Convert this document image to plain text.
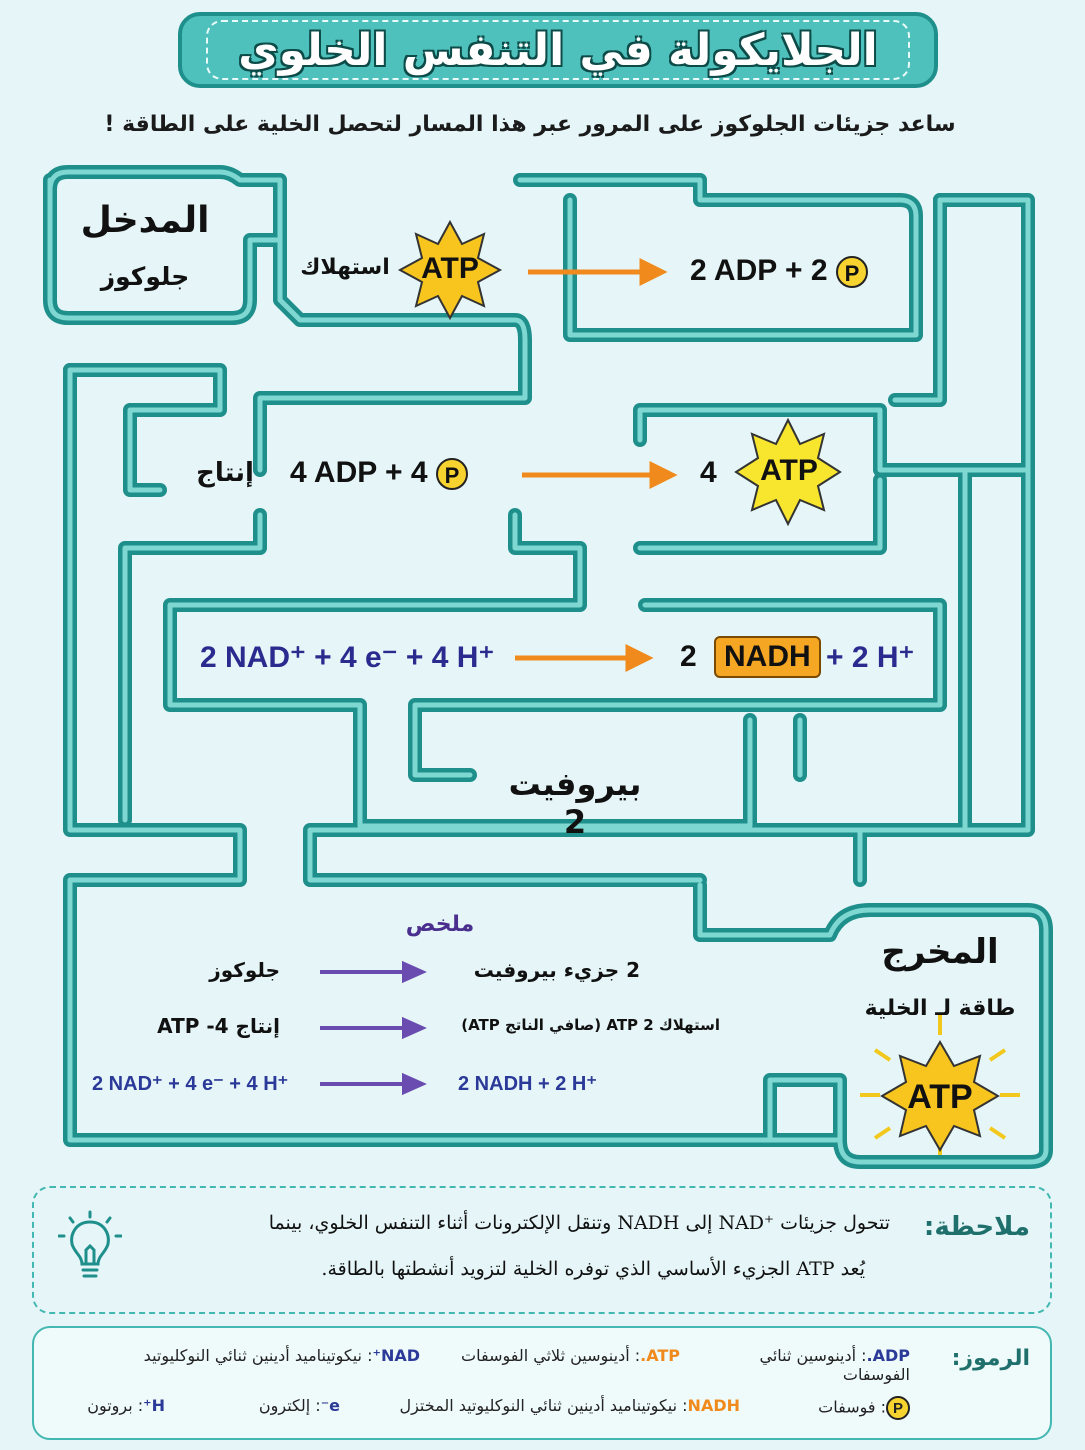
الجلايكولة في التنفس الخلوي
ساعد جزيئات الجلوكوز على المرور عبر هذا المسار لتحصل الخلية على الطاقة !
المدخل
جلوكوز	استهلاك	ATP	2 ADP + 2 P
إنتاج	4 ADP + 4 P	4 ATP
2 NAD⁺ + 4 e⁻ + 4 H⁺	2 NADH + 2 H⁺
بيروفيت 2
المخرج
طاقة لـ الخلية
ATP
ملخص
جلوكوز	2 جزيء بيروفيت
إنتاج 4- ATP	استهلاك 2 ATP (صافي الناتج ATP)
2 NAD⁺ + 4 e⁻ + 4 H⁺	2 NADH + 2 H⁺
ملاحظة:
تتحول جزيئات ⁺NAD إلى NADH وتنقل الإلكترونات أثناء التنفس الخلوي، بينما
يُعد ATP الجزيء الأساسي الذي توفره الخلية لتزويد أنشطتها بالطاقة.
الرموز:
ADP.: أدينوسين ثنائي الفوسفات
ATP.: أدينوسين ثلاثي الفوسفات
NAD⁺: نيكوتيناميد أدينين ثنائي النوكليوتيد
P: فوسفات
NADH: نيكوتيناميد أدينين ثنائي النوكليوتيد المختزل
e⁻: إلكترون
H⁺: بروتون
